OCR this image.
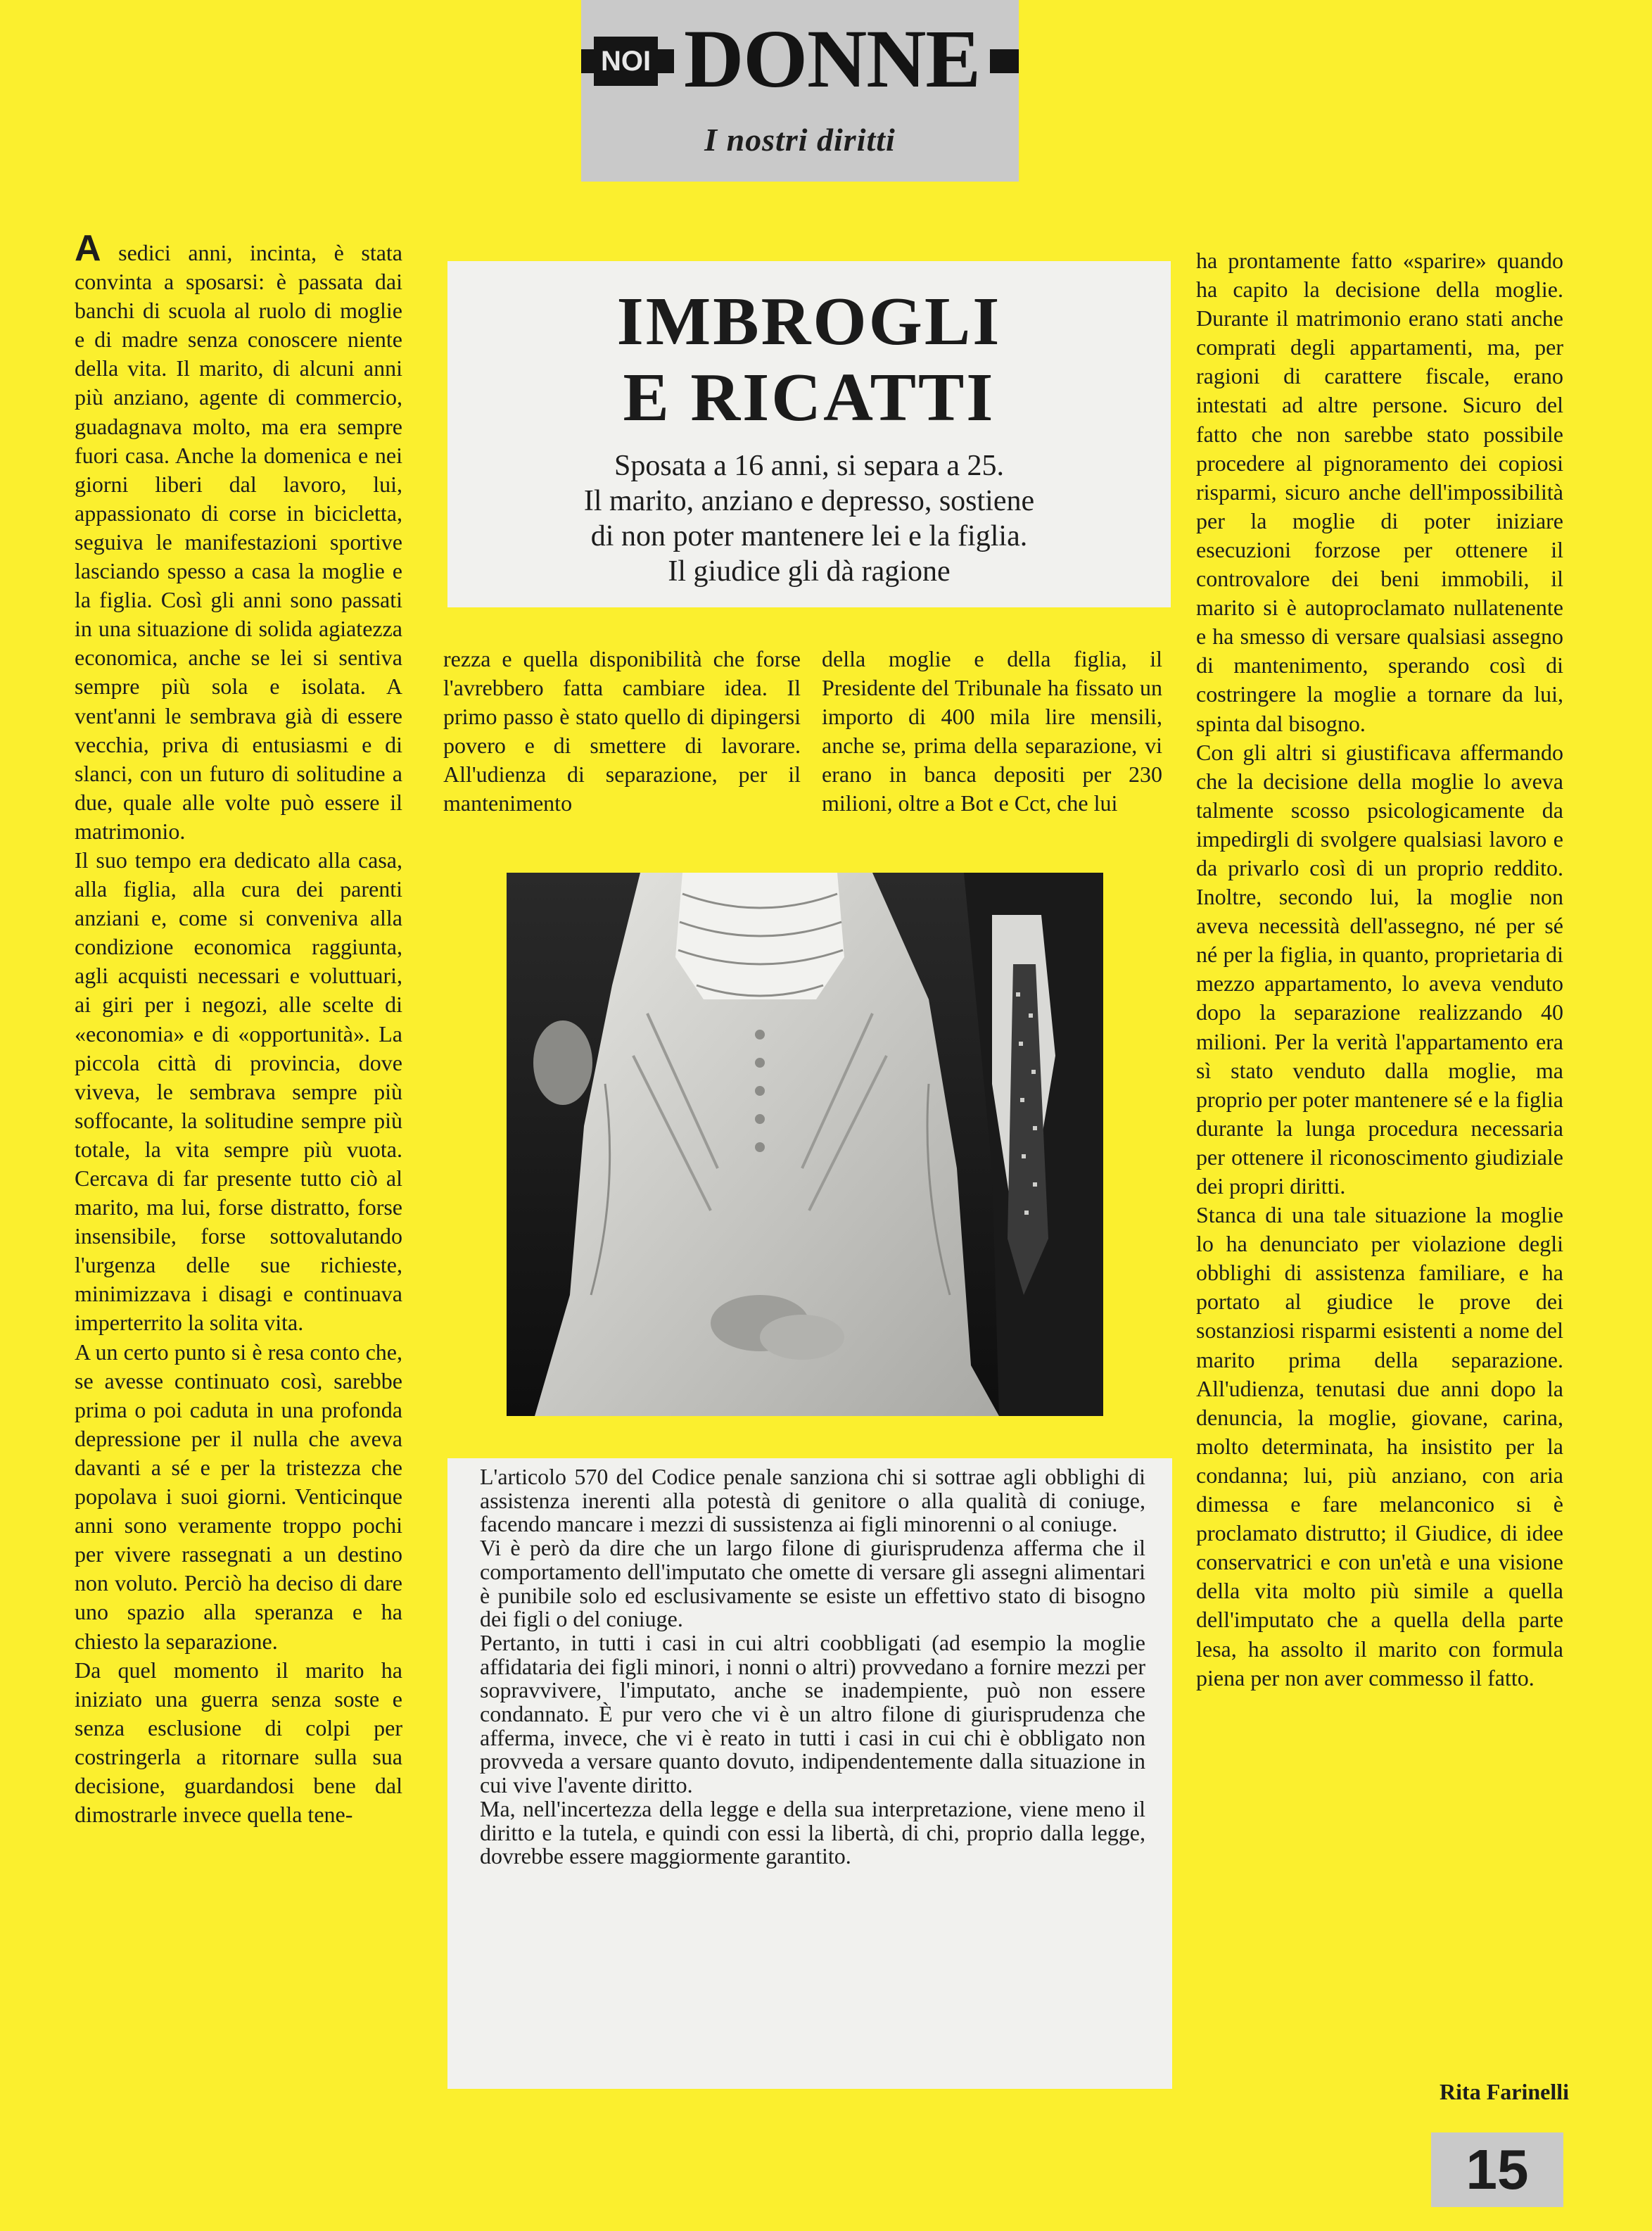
NOI DONNE
I nostri diritti

A sedici anni, incinta, è stata convinta a sposarsi: è passata dai banchi di scuola al ruolo di moglie e di madre senza conoscere niente della vita. Il marito, di alcuni anni più anziano, agente di commercio, guadagnava molto, ma era sempre fuori casa. Anche la domenica e nei giorni liberi dal lavoro, lui, appassionato di corse in bicicletta, seguiva le manifestazioni sportive lasciando spesso a casa la moglie e la figlia. Così gli anni sono passati in una situazione di solida agiatezza economica, anche se lei si sentiva sempre più sola e isolata. A vent'anni le sembrava già di essere vecchia, priva di entusiasmi e di slanci, con un futuro di solitudine a due, quale alle volte può essere il matrimonio.

Il suo tempo era dedicato alla casa, alla figlia, alla cura dei parenti anziani e, come si conveniva alla condizione economica raggiunta, agli acquisti necessari e voluttuari, ai giri per i negozi, alle scelte di «economia» e di «opportunità». La piccola città di provincia, dove viveva, le sembrava sempre più soffocante, la solitudine sempre più totale, la vita sempre più vuota. Cercava di far presente tutto ciò al marito, ma lui, forse distratto, forse insensibile, forse sottovalutando l'urgenza delle sue richieste, minimizzava i disagi e continuava imperterrito la solita vita.

A un certo punto si è resa conto che, se avesse continuato così, sarebbe prima o poi caduta in una profonda depressione per il nulla che aveva davanti a sé e per la tristezza che popolava i suoi giorni. Venticinque anni sono veramente troppo pochi per vivere rassegnati a un destino non voluto. Perciò ha deciso di dare uno spazio alla speranza e ha chiesto la separazione.

Da quel momento il marito ha iniziato una guerra senza soste e senza esclusione di colpi per costringerla a ritornare sulla sua decisione, guardandosi bene dal dimostrarle invece quella tene-

IMBROGLI
E RICATTI
Sposata a 16 anni, si separa a 25.
Il marito, anziano e depresso, sostiene
di non poter mantenere lei e la figlia.
Il giudice gli dà ragione

rezza e quella disponibilità che forse l'avrebbero fatta cambiare idea. Il primo passo è stato quello di dipingersi povero e di smettere di lavorare. All'udienza di separazione, per il mantenimento

della moglie e della figlia, il Presidente del Tribunale ha fissato un importo di 400 mila lire mensili, anche se, prima della separazione, vi erano in banca depositi per 230 milioni, oltre a Bot e Cct, che lui

ha prontamente fatto «sparire» quando ha capito la decisione della moglie. Durante il matrimonio erano stati anche comprati degli appartamenti, ma, per ragioni di carattere fiscale, erano intestati ad altre persone. Sicuro del fatto che non sarebbe stato possibile procedere al pignoramento dei copiosi risparmi, sicuro anche dell'impossibilità per la moglie di poter iniziare esecuzioni forzose per ottenere il controvalore dei beni immobili, il marito si è autoproclamato nullatenente e ha smesso di versare qualsiasi assegno di mantenimento, sperando così di costringere la moglie a tornare da lui, spinta dal bisogno.

Con gli altri si giustificava affermando che la decisione della moglie lo aveva talmente scosso psicologicamente da impedirgli di svolgere qualsiasi lavoro e da privarlo così di un proprio reddito. Inoltre, secondo lui, la moglie non aveva necessità dell'assegno, né per sé né per la figlia, in quanto, proprietaria di mezzo appartamento, lo aveva venduto dopo la separazione realizzando 40 milioni. Per la verità l'appartamento era sì stato venduto dalla moglie, ma proprio per poter mantenere sé e la figlia durante la lunga procedura necessaria per ottenere il riconoscimento giudiziale dei propri diritti.

Stanca di una tale situazione la moglie lo ha denunciato per violazione degli obblighi di assistenza familiare, e ha portato al giudice le prove dei sostanziosi risparmi esistenti a nome del marito prima della separazione. All'udienza, tenutasi due anni dopo la denuncia, la moglie, giovane, carina, molto determinata, ha insistito per la condanna; lui, più anziano, con aria dimessa e fare melanconico si è proclamato distrutto; il Giudice, di idee conservatrici e con un'età e una visione della vita molto più simile a quella dell'imputato che a quella della parte lesa, ha assolto il marito con formula piena per non aver commesso il fatto.

L'articolo 570 del Codice penale sanziona chi si sottrae agli obblighi di assistenza inerenti alla potestà di genitore o alla qualità di coniuge, facendo mancare i mezzi di sussistenza ai figli minorenni o al coniuge.

Vi è però da dire che un largo filone di giurisprudenza afferma che il comportamento dell'imputato che omette di versare gli assegni alimentari è punibile solo ed esclusivamente se esiste un effettivo stato di bisogno dei figli o del coniuge.

Pertanto, in tutti i casi in cui altri coobbligati (ad esempio la moglie affidataria dei figli minori, i nonni o altri) provvedano a fornire mezzi per sopravvivere, l'imputato, anche se inadempiente, può non essere condannato. È pur vero che vi è un altro filone di giurisprudenza che afferma, invece, che vi è reato in tutti i casi in cui chi è obbligato non provveda a versare quanto dovuto, indipendentemente dalla situazione in cui vive l'avente diritto.

Ma, nell'incertezza della legge e della sua interpretazione, viene meno il diritto e la tutela, e quindi con essi la libertà, di chi, proprio dalla legge, dovrebbe essere maggiormente garantito.

Rita Farinelli
15
